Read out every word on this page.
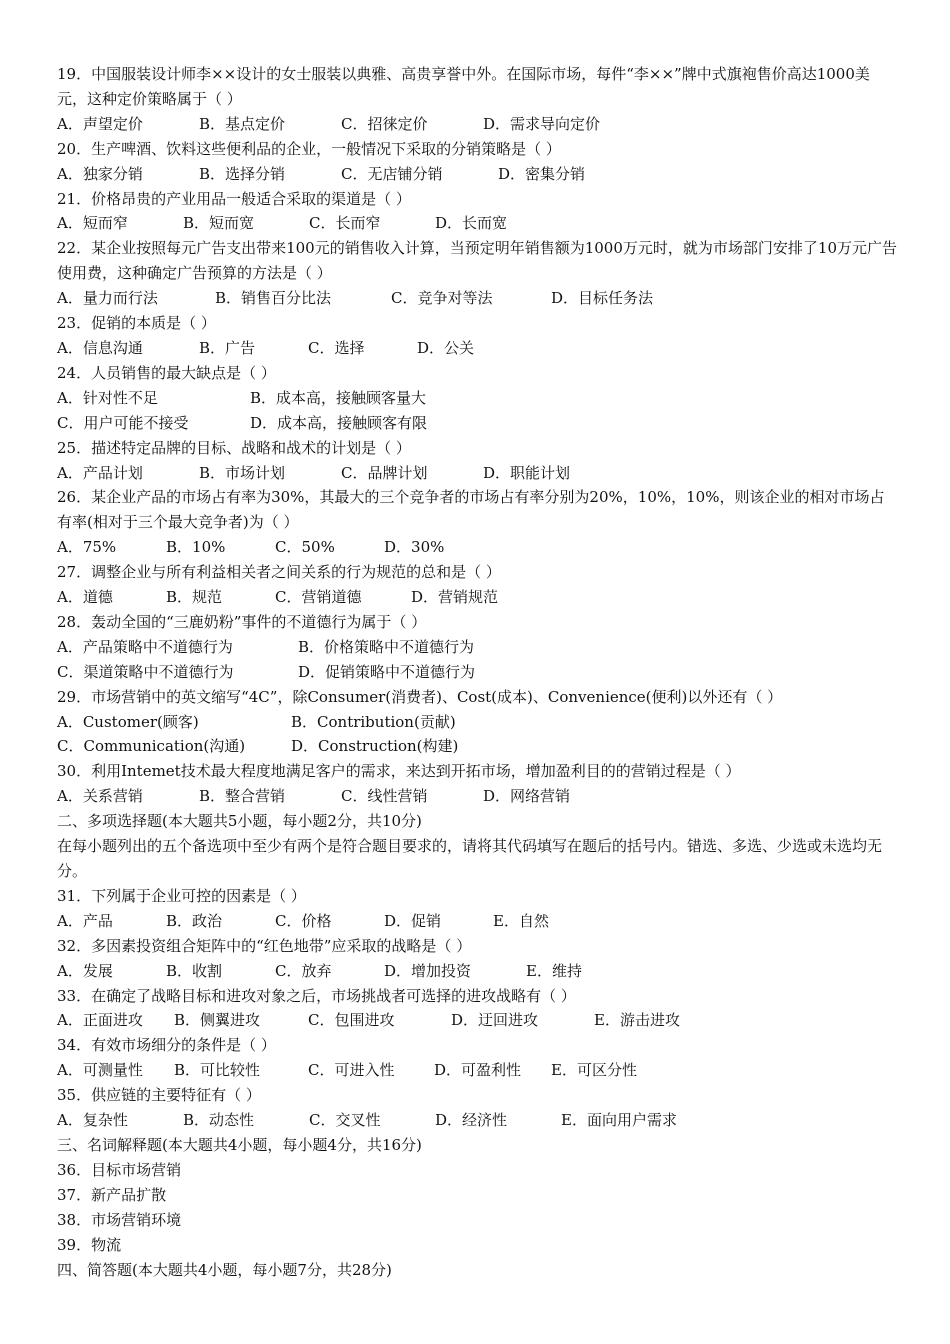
19．中国服装设计师李××设计的女士服装以典雅、高贵享誉中外。在国际市场，每件“李××”牌中式旗袍售价高达1000美元，这种定价策略属于（ ）

A．声望定价	B．基点定价	C．招徕定价	D．需求导向定价

20．生产啤酒、饮料这些便利品的企业，一般情况下采取的分销策略是（ ）

A．独家分销	B．选择分销	C．无店铺分销	D．密集分销

21．价格昂贵的产业用品一般适合采取的渠道是（ ）

A．短而窄	B．短而宽	C．长而窄	D．长而宽

22．某企业按照每元广告支出带来100元的销售收入计算，当预定明年销售额为1000万元时，就为市场部门安排了10万元广告使用费，这种确定广告预算的方法是（ ）

A．量力而行法	B．销售百分比法	C．竞争对等法	D．目标任务法

23．促销的本质是（ ）

A．信息沟通	B．广告	C．选择	D．公关

24．人员销售的最大缺点是（ ）

A．针对性不足	B．成本高，接触顾客量大
C．用户可能不接受	D．成本高，接触顾客有限

25．描述特定品牌的目标、战略和战术的计划是（ ）

A．产品计划	B．市场计划	C．品牌计划	D．职能计划

26．某企业产品的市场占有率为30%，其最大的三个竞争者的市场占有率分别为20%，10%，10%，则该企业的相对市场占有率(相对于三个最大竞争者)为（ ）

A．75%	B．10%	C．50%	D．30%

27．调整企业与所有利益相关者之间关系的行为规范的总和是（ ）

A．道德	B．规范	C．营销道德	D．营销规范

28．轰动全国的“三鹿奶粉”事件的不道德行为属于（ ）

A．产品策略中不道德行为	B．价格策略中不道德行为
C．渠道策略中不道德行为	D．促销策略中不道德行为

29．市场营销中的英文缩写“4C”，除Consumer(消费者)、Cost(成本)、Convenience(便利)以外还有（ ）

A．Customer(顾客)	B．Contribution(贡献)
C．Communication(沟通)	D．Construction(构建)

30．利用Intemet技术最大程度地满足客户的需求，来达到开拓市场，增加盈利目的的营销过程是（ ）

A．关系营销	B．整合营销	C．线性营销	D．网络营销

二、多项选择题(本大题共5小题，每小题2分，共10分)

在每小题列出的五个备选项中至少有两个是符合题目要求的，请将其代码填写在题后的括号内。错选、多选、少选或未选均无分。

31．下列属于企业可控的因素是（ ）

A．产品	B．政治	C．价格	D．促销	E．自然

32．多因素投资组合矩阵中的“红色地带”应采取的战略是（ ）

A．发展	B．收割	C．放弃	D．增加投资	E．维持

33．在确定了战略目标和进攻对象之后，市场挑战者可选择的进攻战略有（ ）

A．正面进攻	B．侧翼进攻	C．包围进攻	D．迂回进攻	E．游击进攻

34．有效市场细分的条件是（ ）

A．可测量性	B．可比较性	C．可进入性	D．可盈利性	E．可区分性

35．供应链的主要特征有（ ）

A．复杂性	B．动态性	C．交叉性	D．经济性	E．面向用户需求

三、名词解释题(本大题共4小题，每小题4分，共16分)

36．目标市场营销

37．新产品扩散

38．市场营销环境

39．物流

四、简答题(本大题共4小题，每小题7分，共28分)
